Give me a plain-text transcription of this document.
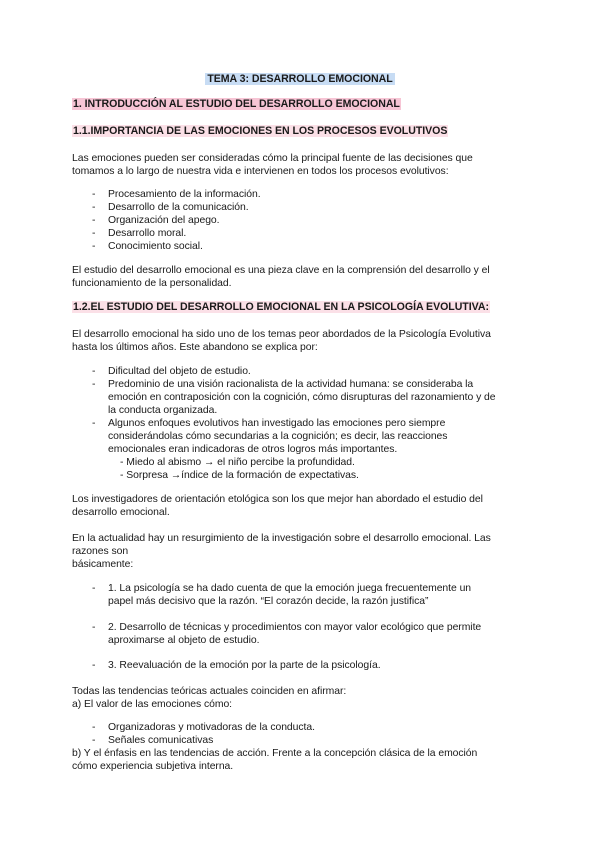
TEMA 3: DESARROLLO EMOCIONAL
1. INTRODUCCIÓN AL ESTUDIO DEL DESARROLLO EMOCIONAL
1.1.IMPORTANCIA DE LAS EMOCIONES EN LOS PROCESOS EVOLUTIVOS
Las emociones pueden ser consideradas cómo la principal fuente de las decisiones que
tomamos a lo largo de nuestra vida e intervienen en todos los procesos evolutivos:
- Procesamiento de la información.
- Desarrollo de la comunicación.
- Organización del apego.
- Desarrollo moral.
- Conocimiento social.
El estudio del desarrollo emocional es una pieza clave en la comprensión del desarrollo y el
funcionamiento de la personalidad.
1.2.EL ESTUDIO DEL DESARROLLO EMOCIONAL EN LA PSICOLOGÍA EVOLUTIVA:
El desarrollo emocional ha sido uno de los temas peor abordados de la Psicología Evolutiva
hasta los últimos años. Este abandono se explica por:
- Dificultad del objeto de estudio.
- Predominio de una visión racionalista de la actividad humana: se consideraba la
emoción en contraposición con la cognición, cómo disrupturas del razonamiento y de
la conducta organizada.
- Algunos enfoques evolutivos han investigado las emociones pero siempre
considerándolas cómo secundarias a la cognición; es decir, las reacciones
emocionales eran indicadoras de otros logros más importantes.
- Miedo al abismo → el niño percibe la profundidad.
- Sorpresa →índice de la formación de expectativas.
Los investigadores de orientación etológica son los que mejor han abordado el estudio del
desarrollo emocional.
En la actualidad hay un resurgimiento de la investigación sobre el desarrollo emocional. Las
razones son
básicamente:
- 1. La psicología se ha dado cuenta de que la emoción juega frecuentemente un
papel más decisivo que la razón. “El corazón decide, la razón justifica”
- 2. Desarrollo de técnicas y procedimientos con mayor valor ecológico que permite
aproximarse al objeto de estudio.
- 3. Reevaluación de la emoción por la parte de la psicología.
Todas las tendencias teóricas actuales coinciden en afirmar:
a) El valor de las emociones cómo:
- Organizadoras y motivadoras de la conducta.
- Señales comunicativas
b) Y el énfasis en las tendencias de acción. Frente a la concepción clásica de la emoción
cómo experiencia subjetiva interna.
